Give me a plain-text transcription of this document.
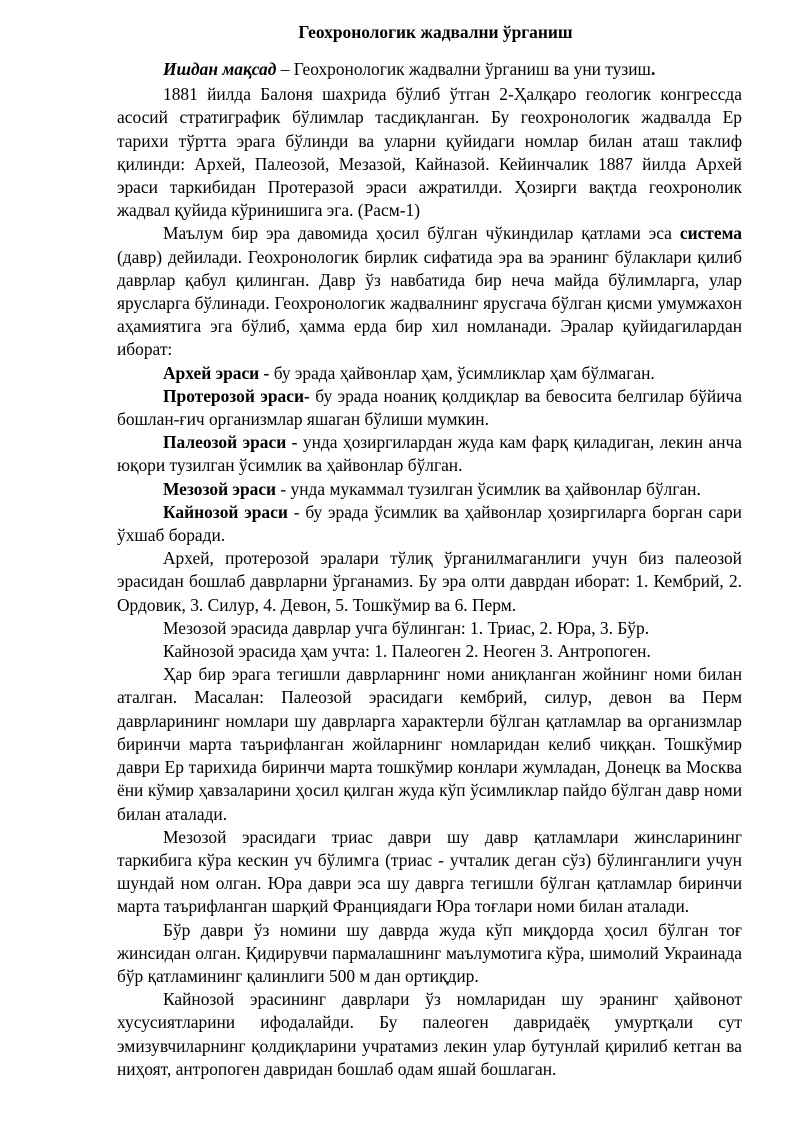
Геохронологик жадвални ўрганиш

Ишдан мақсад – Геохронологик жадвални ўрганиш ва уни тузиш.

1881 йилда Балоня шахрида бўлиб ўтган 2-Ҳалқаро геологик конгрессда асосий стратиграфик бўлимлар тасдиқланган. Бу геохронологик жадвалда Ер тарихи тўртта эрага бўлинди ва уларни қуйидаги номлар билан аташ таклиф қилинди: Архей, Палеозой, Мезазой, Кайназой. Кейинчалик 1887 йилда Архей эраси таркибидан Протеразой эраси ажратилди. Ҳозирги вақтда геохронолик жадвал қуйида кўринишига эга. (Расм-1)

Маълум бир эра давомида ҳосил бўлган чўкиндилар қатлами эса система (давр) дейилади. Геохронологик бирлик сифатида эра ва эранинг бўлаклари қилиб даврлар қабул қилинган. Давр ўз навбатида бир неча майда бўлимларга, улар ярусларга бўлинади. Геохронологик жадвалнинг ярусгача бўлган қисми умумжахон аҳамиятига эга бўлиб, ҳамма ерда бир хил номланади. Эралар қуйидагилардан иборат:

Архей эраси - бу эрада ҳайвонлар ҳам, ўсимликлар ҳам бўлмаган.

Протерозой эраси- бу эрада ноаниқ қолдиқлар ва бевосита белгилар бўйича бошлан-ғич организмлар яшаган бўлиши мумкин.

Палеозой эраси - унда ҳозиргилардан жуда кам фарқ қиладиган, лекин анча юқори тузилган ўсимлик ва ҳайвонлар бўлган.

Мезозой эраси - унда мукаммал тузилган ўсимлик ва ҳайвонлар бўлган.

Кайнозой эраси - бу эрада ўсимлик ва ҳайвонлар ҳозиргиларга борган сари ўхшаб боради.

Архей, протерозой эралари тўлиқ ўрганилмаганлиги учун биз палеозой эрасидан бошлаб даврларни ўрганамиз. Бу эра олти даврдан иборат: 1. Кембрий, 2. Ордовик, 3. Силур, 4. Девон, 5. Тошкўмир ва 6. Перм.

Мезозой эрасида даврлар учга бўлинган: 1. Триас, 2. Юра, 3. Бўр.

Кайнозой эрасида ҳам учта: 1. Палеоген 2. Неоген 3. Антропоген.

Ҳар бир эрага тегишли даврларнинг номи аниқланган жойнинг номи билан аталган. Масалан: Палеозой эрасидаги кембрий, силур, девон ва Перм даврларининг номлари шу даврларга характерли бўлган қатламлар ва организмлар биринчи марта таърифланган жойларнинг номларидан келиб чиққан. Тошкўмир даври Ер тарихида биринчи марта тошкўмир конлари жумладан, Донецк ва Москва ёни кўмир ҳавзаларини ҳосил қилган жуда кўп ўсимликлар пайдо бўлган давр номи билан аталади.

Мезозой эрасидаги триас даври шу давр қатламлари жинсларининг таркибига кўра кескин уч бўлимга (триас - учталик деган сўз) бўлинганлиги учун шундай ном олган. Юра даври эса шу даврга тегишли бўлган қатламлар биринчи марта таърифланган шарқий Франциядаги Юра тоғлари номи билан аталади.

Бўр даври ўз номини шу даврда жуда кўп миқдорда ҳосил бўлган тоғ жинсидан олган. Қидирувчи пармалашнинг маълумотига кўра, шимолий Украинада бўр қатламининг қалинлиги 500 м дан ортиқдир.

Кайнозой эрасининг даврлари ўз номларидан шу эранинг ҳайвонот хусусиятларини ифодалайди. Бу палеоген давридаёқ умуртқали сут эмизувчиларнинг қолдиқларини учратамиз лекин улар бутунлай қирилиб кетган ва ниҳоят, антропоген давридан бошлаб одам яшай бошлаган.
